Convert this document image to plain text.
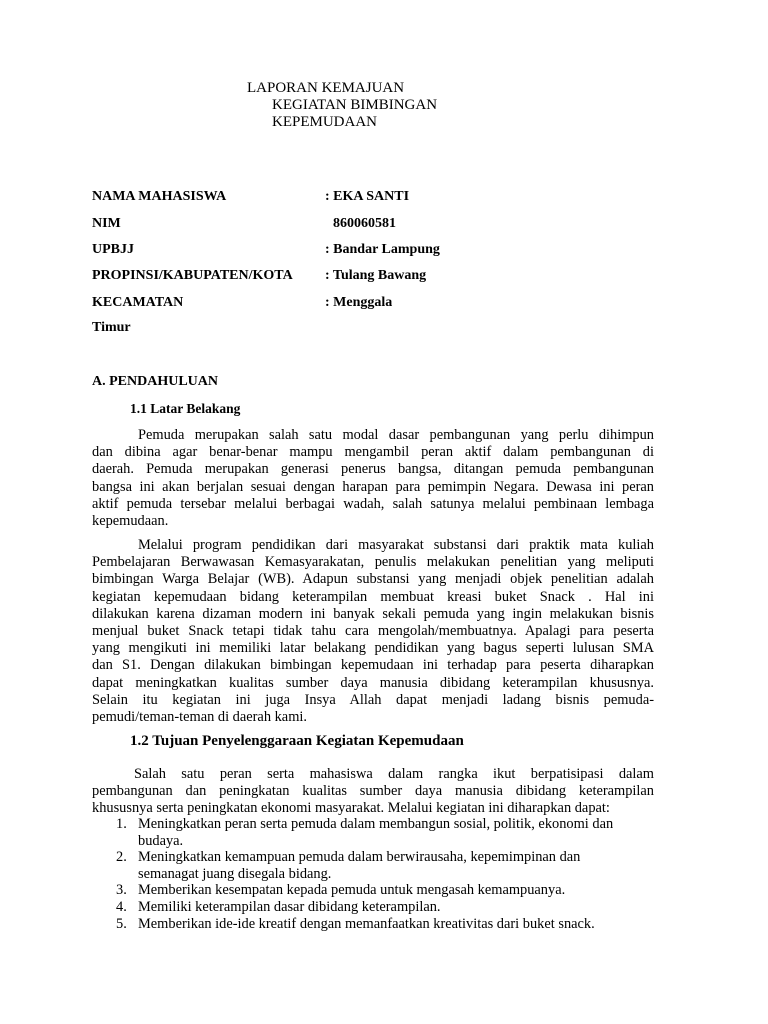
LAPORAN KEMAJUAN
KEGIATAN BIMBINGAN
KEPEMUDAAN
NAMA MAHASISWA	: EKA SANTI
NIM	860060581
UPBJJ	: Bandar Lampung
PROPINSI/KABUPATEN/KOTA : Tulang Bawang
KECAMATAN	: Menggala
Timur
A. PENDAHULUAN
1.1 Latar Belakang
Pemuda merupakan salah satu modal dasar pembangunan yang perlu dihimpun
dan dibina agar benar-benar mampu mengambil peran aktif dalam pembangunan di
daerah. Pemuda merupakan generasi penerus bangsa, ditangan pemuda pembangunan
bangsa ini akan berjalan sesuai dengan harapan para pemimpin Negara. Dewasa ini peran
aktif pemuda tersebar melalui berbagai wadah, salah satunya melalui pembinaan lembaga
kepemudaan.
Melalui program pendidikan dari masyarakat substansi dari praktik mata kuliah
Pembelajaran Berwawasan Kemasyarakatan, penulis melakukan penelitian yang meliputi
bimbingan Warga Belajar (WB). Adapun substansi yang menjadi objek penelitian adalah
kegiatan kepemudaan bidang keterampilan membuat kreasi buket Snack . Hal ini
dilakukan karena dizaman modern ini banyak sekali pemuda yang ingin melakukan bisnis
menjual buket Snack tetapi tidak tahu cara mengolah/membuatnya. Apalagi para peserta
yang mengikuti ini memiliki latar belakang pendidikan yang bagus seperti lulusan SMA
dan S1. Dengan dilakukan bimbingan kepemudaan ini terhadap para peserta diharapkan
dapat meningkatkan kualitas sumber daya manusia dibidang keterampilan khususnya.
Selain itu kegiatan ini juga Insya Allah dapat menjadi ladang bisnis pemuda-
pemudi/teman-teman di daerah kami.
1.2 Tujuan Penyelenggaraan Kegiatan Kepemudaan
Salah satu peran serta mahasiswa dalam rangka ikut berpatisipasi dalam
pembangunan dan peningkatan kualitas sumber daya manusia dibidang keterampilan
khususnya serta peningkatan ekonomi masyarakat. Melalui kegiatan ini diharapkan dapat:
1. Meningkatkan peran serta pemuda dalam membangun sosial, politik, ekonomi dan
budaya.
2. Meningkatkan kemampuan pemuda dalam berwirausaha, kepemimpinan dan
semanagat juang disegala bidang.
3. Memberikan kesempatan kepada pemuda untuk mengasah kemampuanya.
4. Memiliki keterampilan dasar dibidang keterampilan.
5. Memberikan ide-ide kreatif dengan memanfaatkan kreativitas dari buket snack.
